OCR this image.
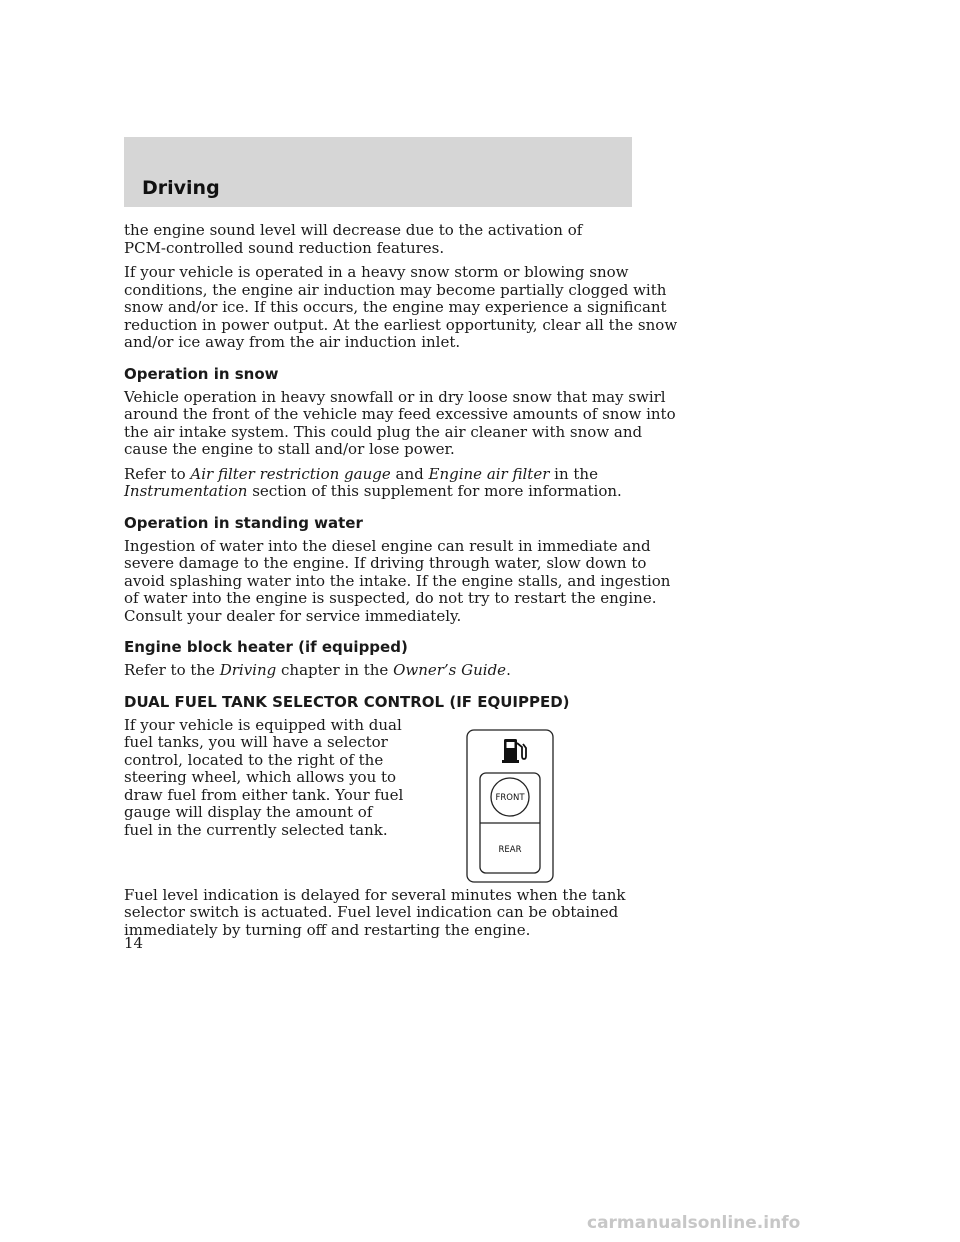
Driving

the engine sound level will decrease due to the activation of
PCM-controlled sound reduction features.

If your vehicle is operated in a heavy snow storm or blowing snow
conditions, the engine air induction may become partially clogged with
snow and/or ice. If this occurs, the engine may experience a significant
reduction in power output. At the earliest opportunity, clear all the snow
and/or ice away from the air induction inlet.

Operation in snow

Vehicle operation in heavy snowfall or in dry loose snow that may swirl
around the front of the vehicle may feed excessive amounts of snow into
the air intake system. This could plug the air cleaner with snow and
cause the engine to stall and/or lose power.

Refer to Air filter restriction gauge and Engine air filter in the
Instrumentation section of this supplement for more information.

Operation in standing water

Ingestion of water into the diesel engine can result in immediate and
severe damage to the engine. If driving through water, slow down to
avoid splashing water into the intake. If the engine stalls, and ingestion
of water into the engine is suspected, do not try to restart the engine.
Consult your dealer for service immediately.

Engine block heater (if equipped)

Refer to the Driving chapter in the Owner’s Guide.

DUAL FUEL TANK SELECTOR CONTROL (IF EQUIPPED)

If your vehicle is equipped with dual
fuel tanks, you will have a selector
control, located to the right of the
steering wheel, which allows you to
draw fuel from either tank. Your fuel
gauge will display the amount of
fuel in the currently selected tank.

FRONT
REAR

Fuel level indication is delayed for several minutes when the tank
selector switch is actuated. Fuel level indication can be obtained
immediately by turning off and restarting the engine.

14

carmanualsonline.info
